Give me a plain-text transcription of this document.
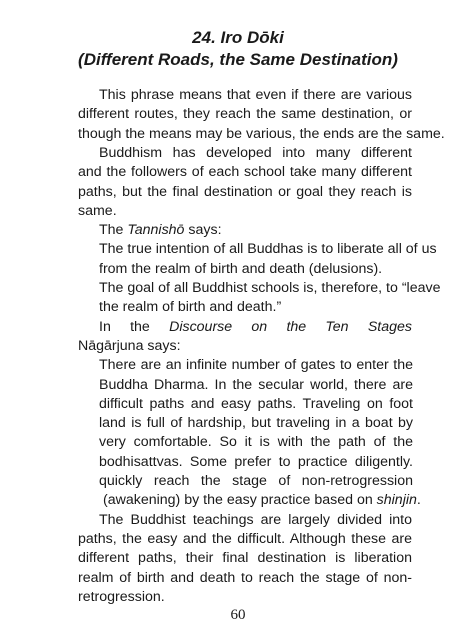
24. Iro Dōki
(Different Roads, the Same Destination)

This phrase means that even if there are various

different routes, they reach the same destination, or

though the means may be various, the ends are the same.

Buddhism has developed into many different

and the followers of each school take many different

paths, but the final destination or goal they reach is

same.

The Tannishō says:

The true intention of all Buddhas is to liberate all of us

from the realm of birth and death (delusions).

The goal of all Buddhist schools is, therefore, to “leave

the realm of birth and death.”

In the Discourse on the Ten Stages

Nāgārjuna says:

There are an infinite number of gates to enter the

Buddha Dharma. In the secular world, there are

difficult paths and easy paths. Traveling on foot

land is full of hardship, but traveling in a boat by

very comfortable. So it is with the path of the

bodhisattvas. Some prefer to practice diligently.

quickly reach the stage of non-retrogression

(awakening) by the easy practice based on shinjin.

The Buddhist teachings are largely divided into

paths, the easy and the difficult. Although these are

different paths, their final destination is liberation

realm of birth and death to reach the stage of non-

retrogression.

60
